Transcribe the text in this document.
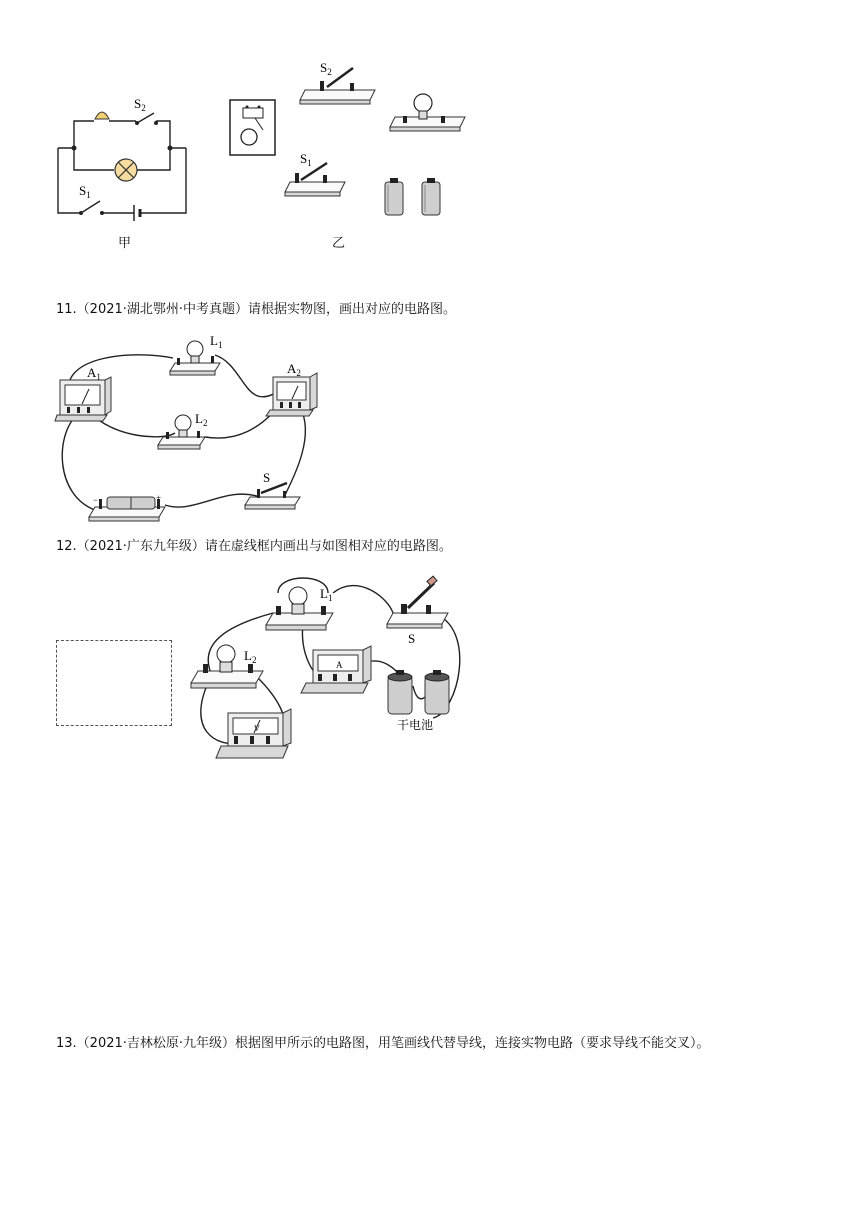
$S_2$
$S_1$
甲
$S_2$
$S_1$
乙
11.（2021·湖北鄂州·中考真题）请根据实物图，画出对应的电路图。
$L_1$
$L_2$
$A_1$
$A_2$
S
−	+
12.（2021·广东九年级）请在虚线框内画出与如图相对应的电路图。
$L_1$
$L_2$
S
A
干电池
V
13.（2021·吉林松原·九年级）根据图甲所示的电路图，用笔画线代替导线，连接实物电路（要求导线不能交叉）。
